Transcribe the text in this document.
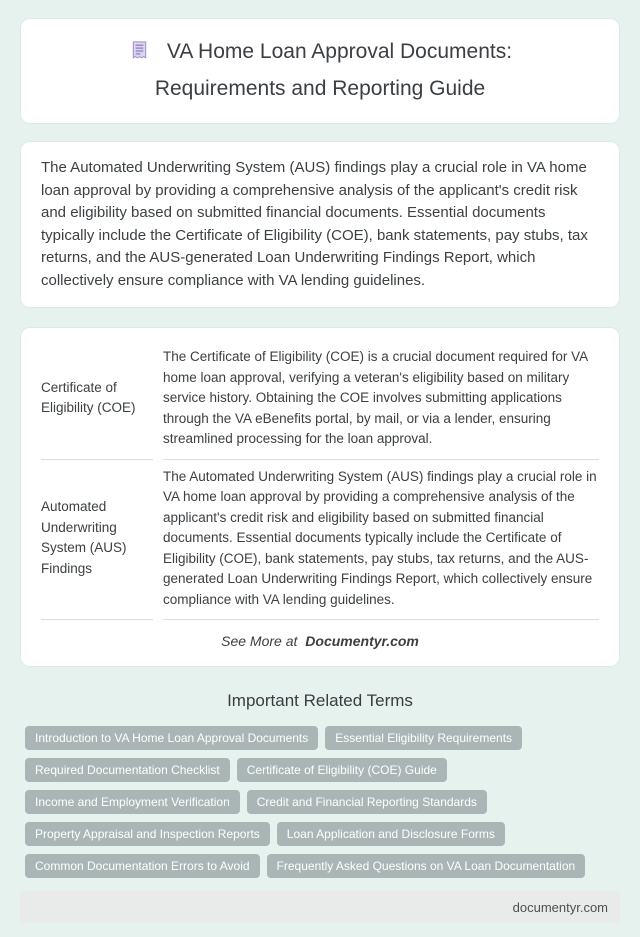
VA Home Loan Approval Documents: Requirements and Reporting Guide

The Automated Underwriting System (AUS) findings play a crucial role in VA home loan approval by providing a comprehensive analysis of the applicant's credit risk and eligibility based on submitted financial documents. Essential documents typically include the Certificate of Eligibility (COE), bank statements, pay stubs, tax returns, and the AUS-generated Loan Underwriting Findings Report, which collectively ensure compliance with VA lending guidelines.

Certificate of Eligibility (COE)	The Certificate of Eligibility (COE) is a crucial document required for VA home loan approval, verifying a veteran's eligibility based on military service history. Obtaining the COE involves submitting applications through the VA eBenefits portal, by mail, or via a lender, ensuring streamlined processing for the loan approval.
Automated Underwriting System (AUS) Findings	The Automated Underwriting System (AUS) findings play a crucial role in VA home loan approval by providing a comprehensive analysis of the applicant's credit risk and eligibility based on submitted financial documents. Essential documents typically include the Certificate of Eligibility (COE), bank statements, pay stubs, tax returns, and the AUS-generated Loan Underwriting Findings Report, which collectively ensure compliance with VA lending guidelines.

See More at Documentyr.com

Important Related Terms
Introduction to VA Home Loan Approval Documents	Essential Eligibility Requirements
Required Documentation Checklist	Certificate of Eligibility (COE) Guide
Income and Employment Verification	Credit and Financial Reporting Standards
Property Appraisal and Inspection Reports	Loan Application and Disclosure Forms
Common Documentation Errors to Avoid	Frequently Asked Questions on VA Loan Documentation
documentyr.com
